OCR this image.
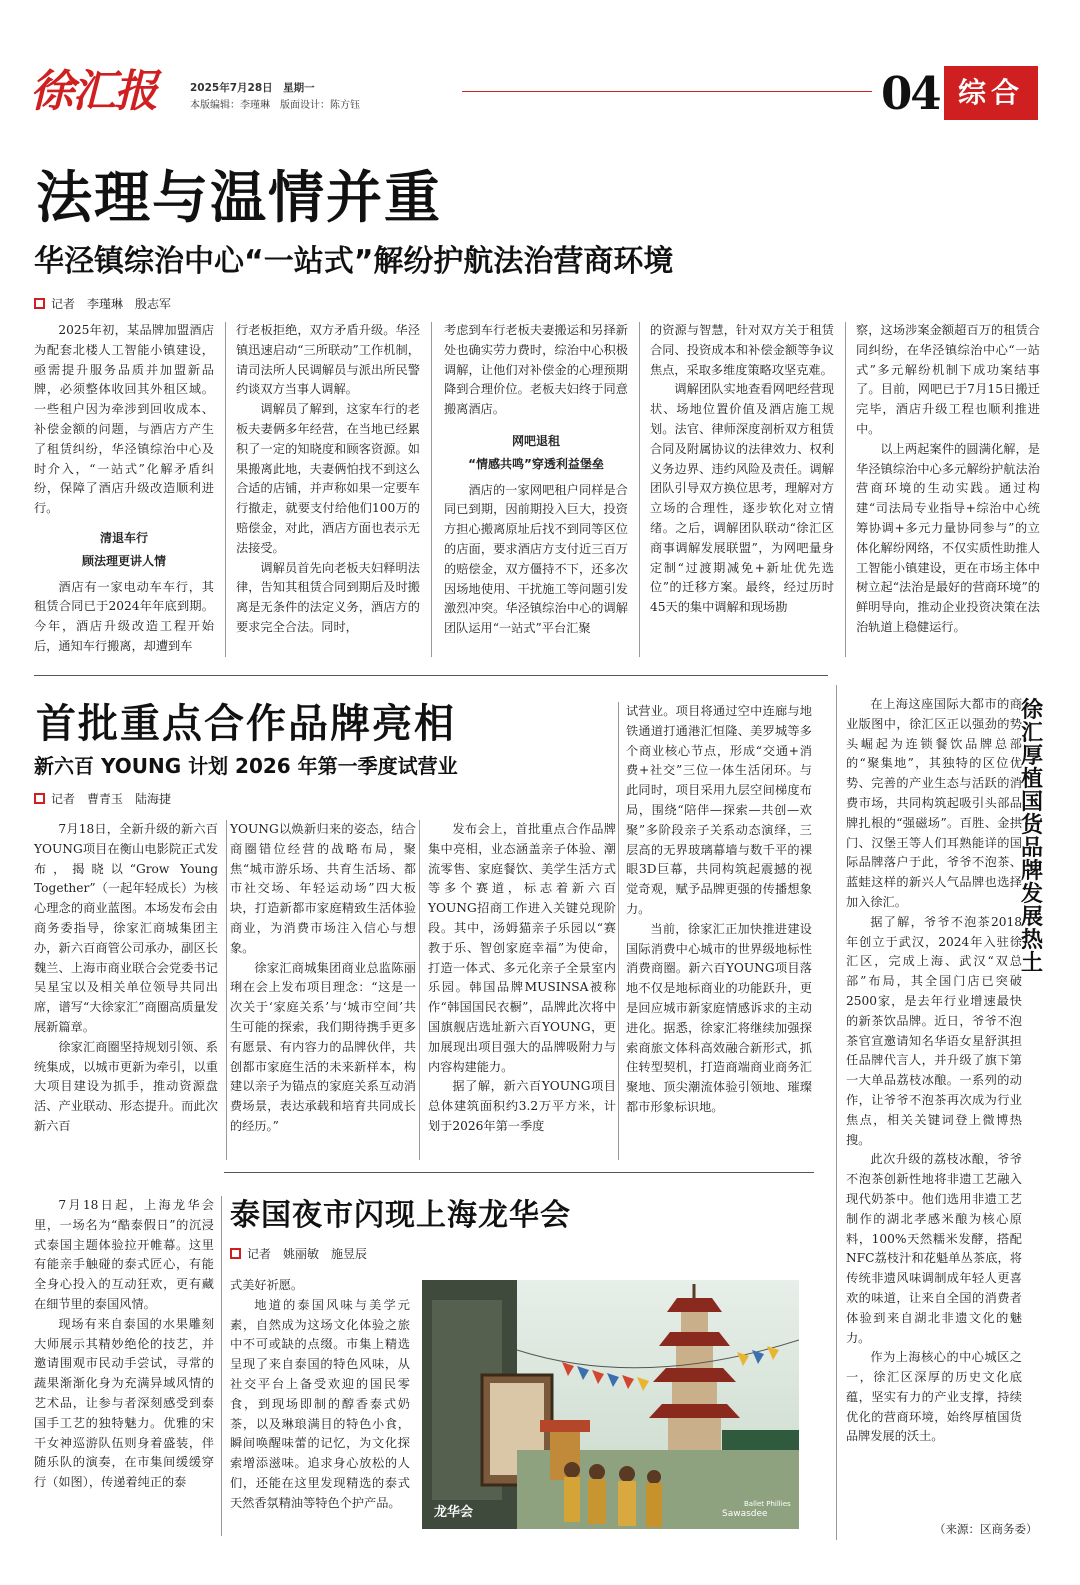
徐汇报	2025年7月28日　星期一
本版编辑：李瑾琳　版面设计：陈方钰	04 综合
法理与温情并重
华泾镇综治中心“一站式”解纷护航法治营商环境
记者　李瑾琳　殷志军

2025年初，某品牌加盟酒店为配套北楼人工智能小镇建设，亟需提升服务品质并加盟新品牌，必须整体收回其外租区域。一些租户因为牵涉到回收成本、补偿金额的问题，与酒店方产生了租赁纠纷，华泾镇综治中心及时介入，“一站式”化解矛盾纠纷，保障了酒店升级改造顺利进行。

清退车行
顾法理更讲人情

酒店有一家电动车车行，其租赁合同已于2024年年底到期。今年，酒店升级改造工程开始后，通知车行搬离，却遭到车

行老板拒绝，双方矛盾升级。华泾镇迅速启动“三所联动”工作机制，请司法所人民调解员与派出所民警约谈双方当事人调解。

调解员了解到，这家车行的老板夫妻俩多年经营，在当地已经累积了一定的知晓度和顾客资源。如果搬离此地，夫妻俩怕找不到这么合适的店铺，并声称如果一定要车行撤走，就要支付给他们100万的赔偿金，对此，酒店方面也表示无法接受。

调解员首先向老板夫妇释明法律，告知其租赁合同到期后及时搬离是无条件的法定义务，酒店方的要求完全合法。同时，

考虑到车行老板夫妻搬运和另择新处也确实劳力费时，综治中心积极调解，让他们对补偿金的心理预期降到合理价位。老板夫妇终于同意搬离酒店。

网吧退租
“情感共鸣”穿透利益堡垒

酒店的一家网吧租户同样是合同已到期，因前期投入巨大，投资方担心搬离原址后找不到同等区位的店面，要求酒店方支付近三百万的赔偿金，双方僵持不下，还多次因场地使用、干扰施工等问题引发激烈冲突。华泾镇综治中心的调解团队运用“一站式”平台汇聚

的资源与智慧，针对双方关于租赁合同、投资成本和补偿金额等争议焦点，采取多维度策略攻坚克难。

调解团队实地查看网吧经营现状、场地位置价值及酒店施工规划。法官、律师深度剖析双方租赁合同及附属协议的法律效力、权利义务边界、违约风险及责任。调解团队引导双方换位思考，理解对方立场的合理性，逐步软化对立情绪。之后，调解团队联动“徐汇区商事调解发展联盟”，为网吧量身定制“过渡期减免+新址优先选位”的迁移方案。最终，经过历时45天的集中调解和现场勘

察，这场涉案金额超百万的租赁合同纠纷，在华泾镇综治中心“一站式”多元解纷机制下成功案结事了。目前，网吧已于7月15日搬迁完毕，酒店升级工程也顺利推进中。

以上两起案件的圆满化解，是华泾镇综治中心多元解纷护航法治营商环境的生动实践。通过构建“司法局专业指导+综治中心统筹协调+多元力量协同参与”的立体化解纷网络，不仅实质性助推人工智能小镇建设，更在市场主体中树立起“法治是最好的营商环境”的鲜明导向，推动企业投资决策在法治轨道上稳健运行。

首批重点合作品牌亮相
新六百 YOUNG 计划 2026 年第一季度试营业
记者　曹青玉　陆海捷

7月18日，全新升级的新六百YOUNG项目在衡山电影院正式发布，揭晓以“Grow Young Together”（一起年轻成长）为核心理念的商业蓝图。本场发布会由商务委指导，徐家汇商城集团主办，新六百商管公司承办，副区长魏兰、上海市商业联合会党委书记吴星宝以及相关单位领导共同出席，谱写“大徐家汇”商圈高质量发展新篇章。

徐家汇商圈坚持规划引领、系统集成，以城市更新为牵引，以重大项目建设为抓手，推动资源盘活、产业联动、形态提升。而此次新六百

YOUNG以焕新归来的姿态，结合商圈错位经营的战略布局，聚焦“城市游乐场、共育生活场、都市社交场、年轻运动场”四大板块，打造新都市家庭精致生活体验商业，为消费市场注入信心与想象。

徐家汇商城集团商业总监陈丽琍在会上发布项目理念：“这是一次关于‘家庭关系’与‘城市空间’共生可能的探索，我们期待携手更多有愿景、有内容力的品牌伙伴，共创都市家庭生活的未来新样本，构建以亲子为锚点的家庭关系互动消费场景，表达承载和培育共同成长的经历。”

发布会上，首批重点合作品牌集中亮相，业态涵盖亲子体验、潮流零售、家庭餐饮、美学生活方式等多个赛道，标志着新六百YOUNG招商工作进入关键兑现阶段。其中，汤姆猫亲子乐园以“赛教于乐、智创家庭幸福”为使命，打造一体式、多元化亲子全景室内乐园。韩国品牌MUSINSA被称作“韩国国民衣橱”，品牌此次将中国旗舰店选址新六百YOUNG，更加展现出项目强大的品牌吸附力与内容构建能力。

据了解，新六百YOUNG项目总体建筑面积约3.2万平方米，计划于2026年第一季度

试营业。项目将通过空中连廊与地铁通道打通港汇恒隆、美罗城等多个商业核心节点，形成“交通+消费+社交”三位一体生活闭环。与此同时，项目采用九层空间梯度布局，围绕“陪伴—探索—共创—欢聚”多阶段亲子关系动态演绎，三层高的无界玻璃幕墙与数千平的裸眼3D巨幕，共同构筑起震撼的视觉奇观，赋予品牌更强的传播想象力。

当前，徐家汇正加快推进建设国际消费中心城市的世界级地标性消费商圈。新六百YOUNG项目落地不仅是地标商业的功能跃升，更是回应城市新家庭情感诉求的主动进化。据悉，徐家汇将继续加强探索商旅文体科高效融合新形式，抓住转型契机，打造商端商业商务汇聚地、顶尖潮流体验引领地、璀璨都市形象标识地。

在上海这座国际大都市的商业版图中，徐汇区正以强劲的势头崛起为连锁餐饮品牌总部的“聚集地”，其独特的区位优势、完善的产业生态与活跃的消费市场，共同构筑起吸引头部品牌扎根的“强磁场”。百胜、金拱门、汉堡王等人们耳熟能详的国际品牌落户于此，爷爷不泡茶、蓝蛙这样的新兴人气品牌也选择加入徐汇。

据了解，爷爷不泡茶2018年创立于武汉，2024年入驻徐汇区，完成上海、武汉“双总部”布局，其全国门店已突破2500家，是去年行业增速最快的新茶饮品牌。近日，爷爷不泡茶官宣邀请知名华语女星舒淇担任品牌代言人，并升级了旗下第一大单品荔枝冰酿。一系列的动作，让爷爷不泡茶再次成为行业焦点，相关关键词登上微博热搜。

此次升级的荔枝冰酿，爷爷不泡茶创新性地将非遗工艺融入现代奶茶中。他们选用非遗工艺制作的湖北孝感米酿为核心原料，100%天然糯米发酵，搭配NFC荔枝汁和花魁单丛茶底，将传统非遗风味调制成年轻人更喜欢的味道，让来自全国的消费者体验到来自湖北非遗文化的魅力。

作为上海核心的中心城区之一，徐汇区深厚的历史文化底蕴，坚实有力的产业支撑，持续优化的营商环境，始终厚植国货品牌发展的沃土。

徐汇厚植国货品牌发展热土
（来源：区商务委）

7月18日起，上海龙华会里，一场名为“酷泰假日”的沉浸式泰国主题体验拉开帷幕。这里有能亲手触碰的泰式匠心，有能全身心投入的互动狂欢，更有藏在细节里的泰国风情。

现场有来自泰国的水果雕刻大师展示其精妙绝伦的技艺，并邀请围观市民动手尝试，寻常的蔬果渐渐化身为充满异域风情的艺术品，让参与者深刻感受到泰国手工艺的独特魅力。优雅的宋干女神巡游队伍则身着盛装，伴随乐队的演奏，在市集间缓缓穿行（如图），传递着纯正的泰

泰国夜市闪现上海龙华会
记者　姚丽敏　施昱辰

式美好祈愿。

地道的泰国风味与美学元素，自然成为这场文化体验之旅中不可或缺的点缀。市集上精选呈现了来自泰国的特色风味，从社交平台上备受欢迎的国民零食，到现场即制的醇香泰式奶茶，以及琳琅满目的特色小食，瞬间唤醒味蕾的记忆，为文化探索增添滋味。追求身心放松的人们，还能在这里发现精选的泰式天然香氛精油等特色个护产品。

龙华会	Sawasdee
Ballet Phillies
